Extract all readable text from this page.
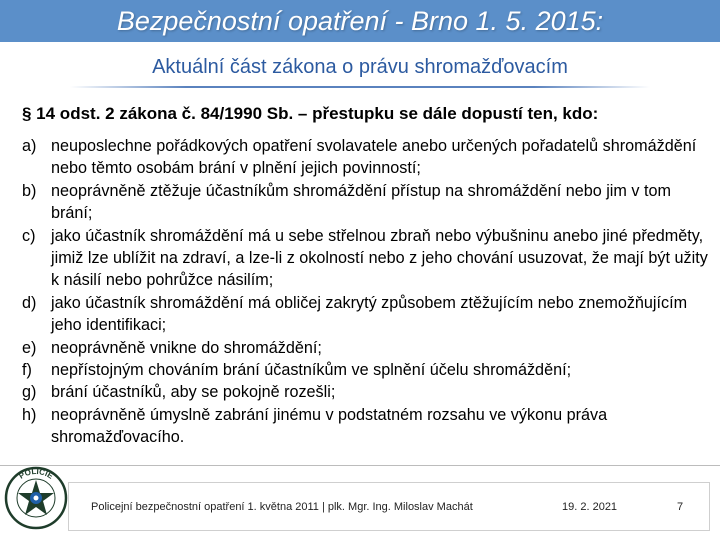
Bezpečnostní opatření - Brno 1. 5. 2015:
Aktuální část zákona o právu shromažďovacím
§ 14 odst. 2 zákona č. 84/1990 Sb. – přestupku se dále dopustí ten, kdo:
a) neuposlechne pořádkových opatření svolavatele anebo určených pořadatelů shromáždění nebo těmto osobám brání v plnění jejich povinností;
b) neoprávněně ztěžuje účastníkům shromáždění přístup na shromáždění nebo jim v tom brání;
c) jako účastník shromáždění má u sebe střelnou zbraň nebo výbušninu anebo jiné předměty, jimiž lze ublížit na zdraví, a lze-li z okolností nebo z jeho chování usuzovat, že mají být užity k násilí nebo pohrůžce násilím;
d) jako účastník shromáždění má obličej zakrytý způsobem ztěžujícím nebo znemožňujícím jeho identifikaci;
e) neoprávněně vnikne do shromáždění;
f)	nepřístojným chováním brání účastníkům ve splnění účelu shromáždění;
g) brání účastníků, aby se pokojně rozešli;
h) neoprávněně úmyslně zabrání jinému v podstatném rozsahu ve výkonu práva shromažďovacího.
Policejní bezpečnostní opatření 1. května 2011 | plk. Mgr. Ing. Miloslav Machát	19. 2. 2021	7
POLICIE
